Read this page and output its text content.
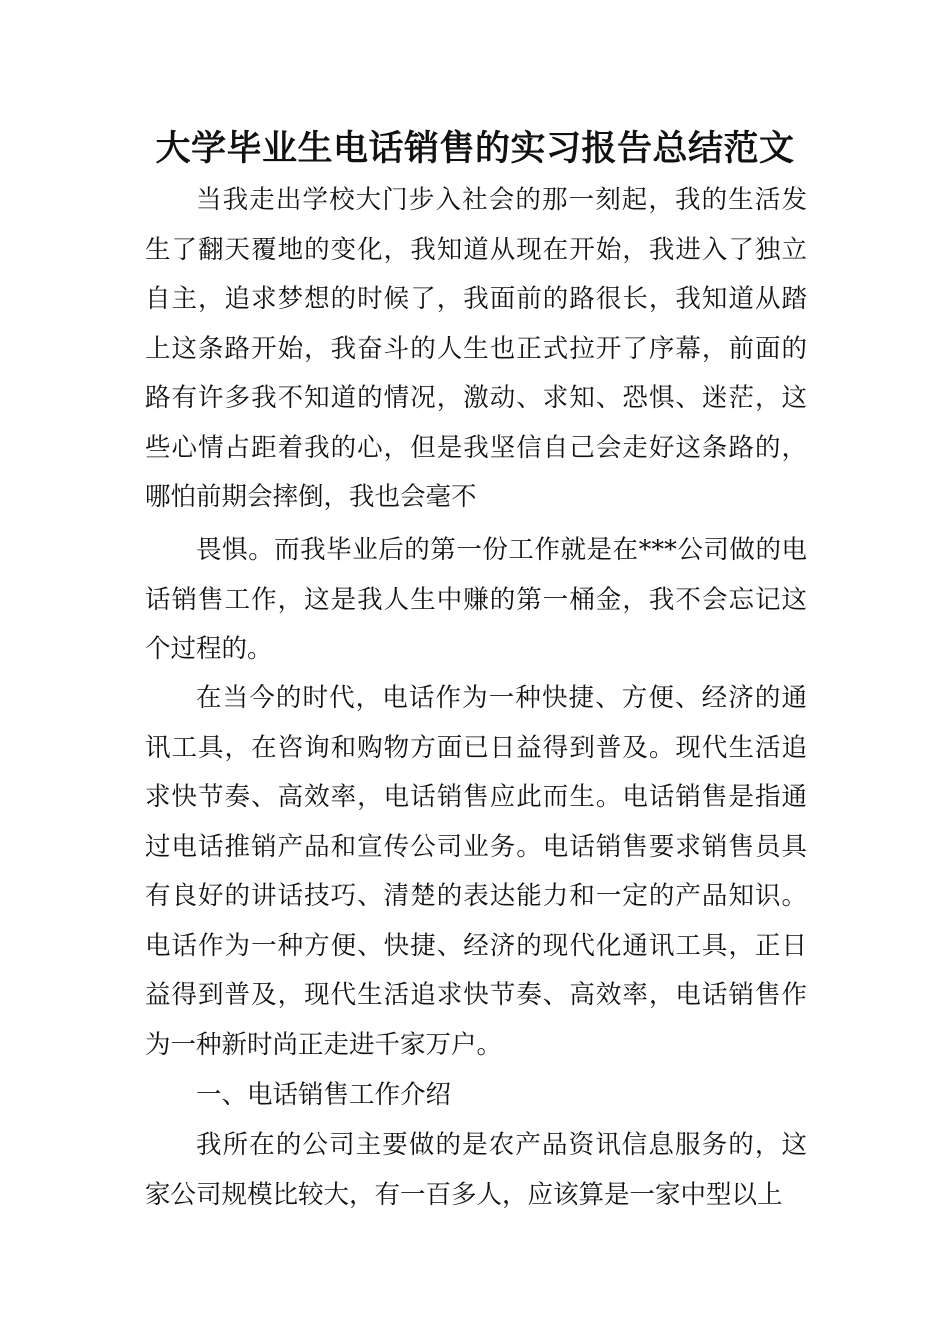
大学毕业生电话销售的实习报告总结范文

当我走出学校大门步入社会的那一刻起，我的生活发生了翻天覆地的变化，我知道从现在开始，我进入了独立自主，追求梦想的时候了，我面前的路很长，我知道从踏上这条路开始，我奋斗的人生也正式拉开了序幕，前面的路有许多我不知道的情况，激动、求知、恐惧、迷茫，这些心情占距着我的心，但是我坚信自己会走好这条路的，哪怕前期会摔倒，我也会毫不

畏惧。而我毕业后的第一份工作就是在***公司做的电话销售工作，这是我人生中赚的第一桶金，我不会忘记这个过程的。

在当今的时代，电话作为一种快捷、方便、经济的通讯工具，在咨询和购物方面已日益得到普及。现代生活追求快节奏、高效率，电话销售应此而生。电话销售是指通过电话推销产品和宣传公司业务。电话销售要求销售员具有良好的讲话技巧、清楚的表达能力和一定的产品知识。电话作为一种方便、快捷、经济的现代化通讯工具，正日益得到普及，现代生活追求快节奏、高效率，电话销售作为一种新时尚正走进千家万户。

一、电话销售工作介绍

我所在的公司主要做的是农产品资讯信息服务的，这家公司规模比较大，有一百多人，应该算是一家中型以上
